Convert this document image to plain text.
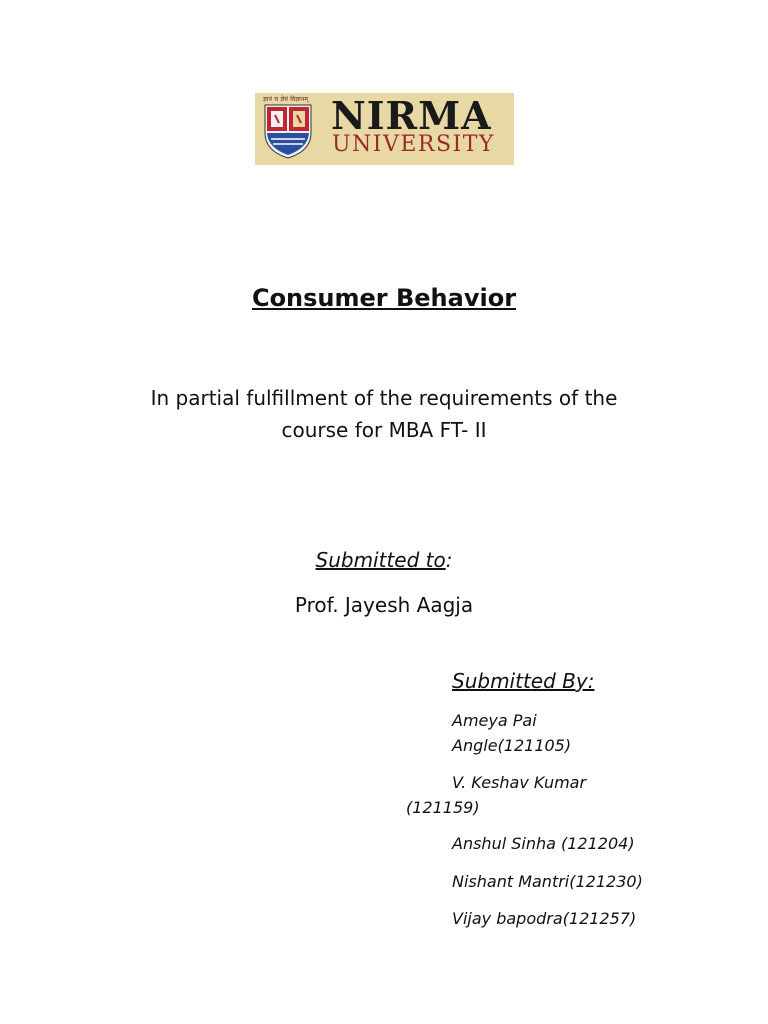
ज्ञानं च ज्ञेयं विज्ञानम् NIRMA
UNIVERSITY
Consumer Behavior
In partial fulfillment of the requirements of the
course for MBA FT- II
Submitted to:
Prof. Jayesh Aagja
Submitted By:
Ameya Pai
Angle(121105)
V. Keshav Kumar
(121159)
Anshul Sinha (121204)
Nishant Mantri(121230)
Vijay bapodra(121257)
